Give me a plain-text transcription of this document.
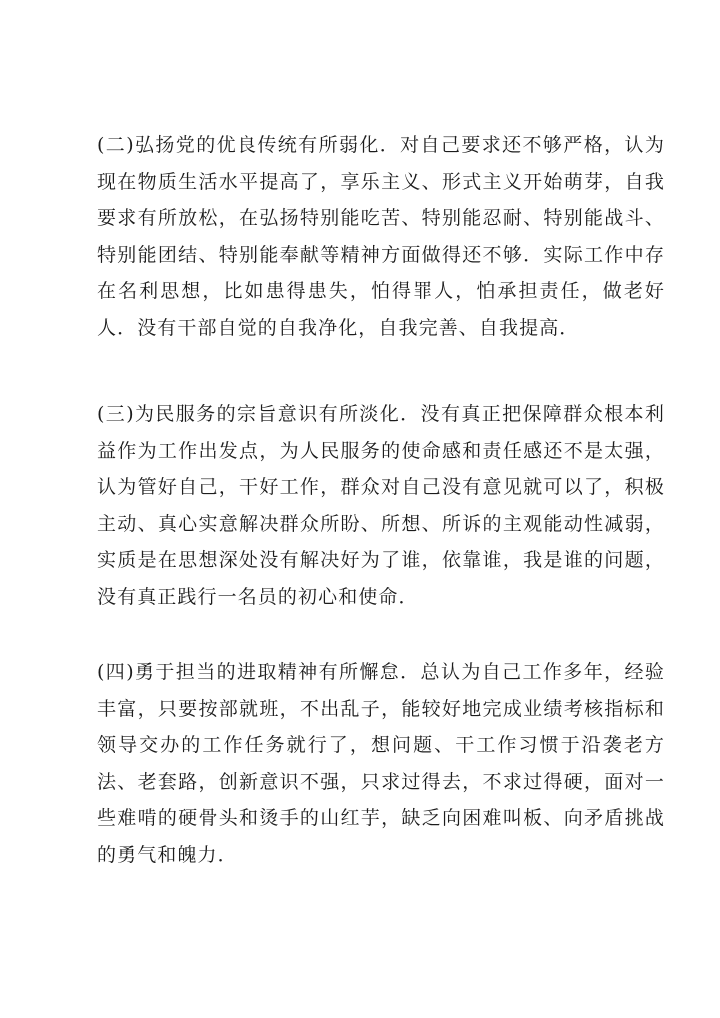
(二)弘扬党的优良传统有所弱化．对自己要求还不够严格，认为现在物质生活水平提高了，享乐主义、形式主义开始萌芽，自我要求有所放松，在弘扬特别能吃苦、特别能忍耐、特别能战斗、特别能团结、特别能奉献等精神方面做得还不够．实际工作中存在名利思想，比如患得患失，怕得罪人，怕承担责任，做老好人．没有干部自觉的自我净化，自我完善、自我提高．

(三)为民服务的宗旨意识有所淡化．没有真正把保障群众根本利益作为工作出发点，为人民服务的使命感和责任感还不是太强，认为管好自己，干好工作，群众对自己没有意见就可以了，积极主动、真心实意解决群众所盼、所想、所诉的主观能动性减弱，实质是在思想深处没有解决好为了谁，依靠谁，我是谁的问题，没有真正践行一名员的初心和使命．

(四)勇于担当的进取精神有所懈怠．总认为自己工作多年，经验丰富，只要按部就班，不出乱子，能较好地完成业绩考核指标和领导交办的工作任务就行了，想问题、干工作习惯于沿袭老方法、老套路，创新意识不强，只求过得去，不求过得硬，面对一些难啃的硬骨头和烫手的山红芋，缺乏向困难叫板、向矛盾挑战的勇气和魄力．
